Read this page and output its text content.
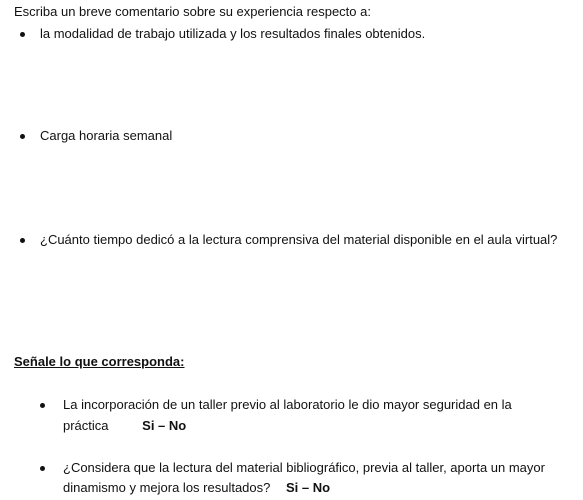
Escriba un breve comentario sobre su experiencia respecto a:
la modalidad de trabajo utilizada y los resultados finales obtenidos.
Carga horaria semanal
¿Cuánto tiempo dedicó a la lectura comprensiva del material disponible en el aula virtual?
Señale lo que corresponda:
La incorporación de un taller previo al laboratorio le dio mayor seguridad en la
práctica	Si – No
¿Considera que la lectura del material bibliográfico, previa al taller, aporta un mayor
dinamismo y mejora los resultados? Si – No
